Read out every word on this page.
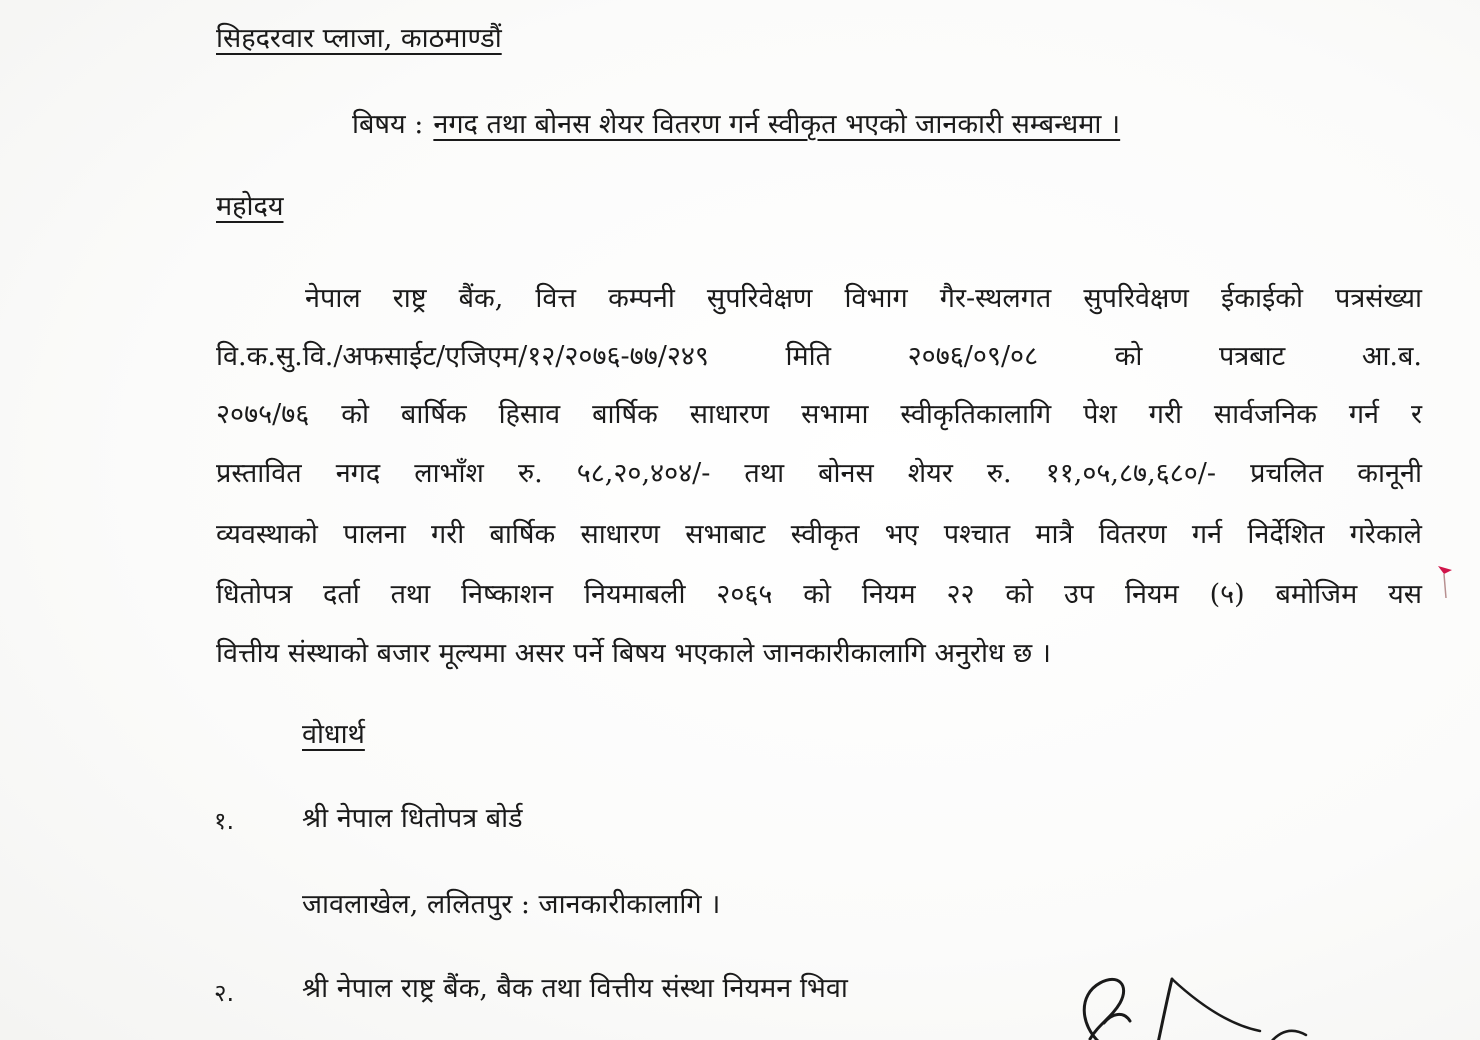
सिहदरवार प्लाजा, काठमाण्डौं
बिषय : नगद तथा बोनस शेयर वितरण गर्न स्वीकृत भएको जानकारी सम्बन्धमा ।
महोदय
नेपाल राष्ट्र बैंक, वित्त कम्पनी सुपरिवेक्षण विभाग गैर-स्थलगत सुपरिवेक्षण ईकाईको पत्रसंख्या
वि.क.सु.वि./अफसाईट/एजिएम/१२/२०७६-७७/२४९ मिति २०७६/०९/०८ को पत्रबाट आ.ब.
२०७५/७६ को बार्षिक हिसाव बार्षिक साधारण सभामा स्वीकृतिकालागि पेश गरी सार्वजनिक गर्न र
प्रस्तावित नगद लाभाँश रु. ५८,२०,४०४/- तथा बोनस शेयर रु. ११,०५,८७,६८०/- प्रचलित कानूनी
व्यवस्थाको पालना गरी बार्षिक साधारण सभाबाट स्वीकृत भए पश्चात मात्रै वितरण गर्न निर्देशित गरेकाले
धितोपत्र दर्ता तथा निष्काशन नियमाबली २०६५ को नियम २२ को उप नियम (५) बमोजिम यस
वित्तीय संस्थाको बजार मूल्यमा असर पर्ने बिषय भएकाले जानकारीकालागि अनुरोध छ ।
वोधार्थ
१.	श्री नेपाल धितोपत्र बोर्ड
जावलाखेल, ललितपुर : जानकारीकालागि ।
२.	श्री नेपाल राष्ट्र बैंक, बैक तथा वित्तीय संस्था नियमन भिवा
